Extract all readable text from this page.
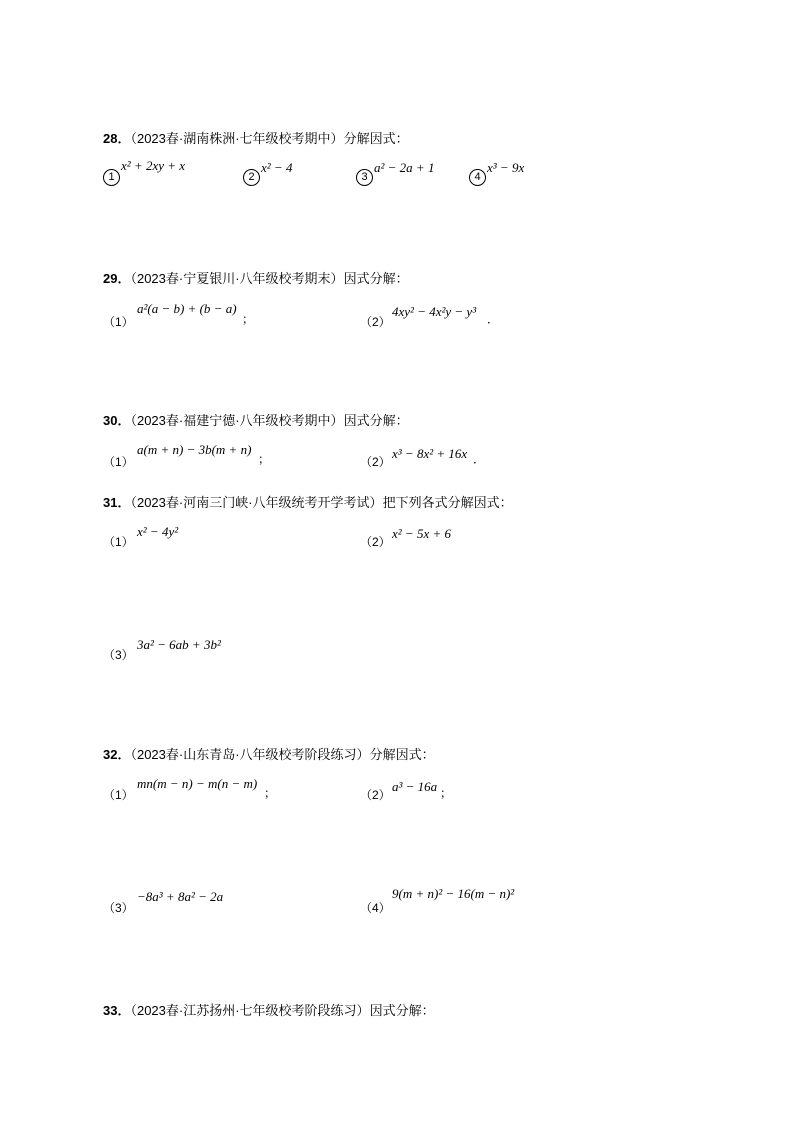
28．（2023春·湖南株洲·七年级校考期中）分解因式：
1
x² + 2xy + x
2
x² − 4
3
a² − 2a + 1
4
x³ − 9x
29．（2023春·宁夏银川·八年级校考期末）因式分解：
（1）
a²(a − b) + (b − a)
；	（2）
4xy² − 4x²y − y³ ．
30．（2023春·福建宁德·八年级校考期中）因式分解：
（1）
a(m + n) − 3b(m + n)
；	（2）
x³ − 8x² + 16x ．
31．（2023春·河南三门峡·八年级统考开学考试）把下列各式分解因式：
（1）
x² − 4y²
（2）
x² − 5x + 6
（3）
3a² − 6ab + 3b²
32．（2023春·山东青岛·八年级校考阶段练习）分解因式：
（1）
mn(m − n) − m(n − m)
；	（2）
a³ − 16a ；
（3）
−8a³ + 8a² − 2a
（4）
9(m + n)² − 16(m − n)²
33．（2023春·江苏扬州·七年级校考阶段练习）因式分解：
